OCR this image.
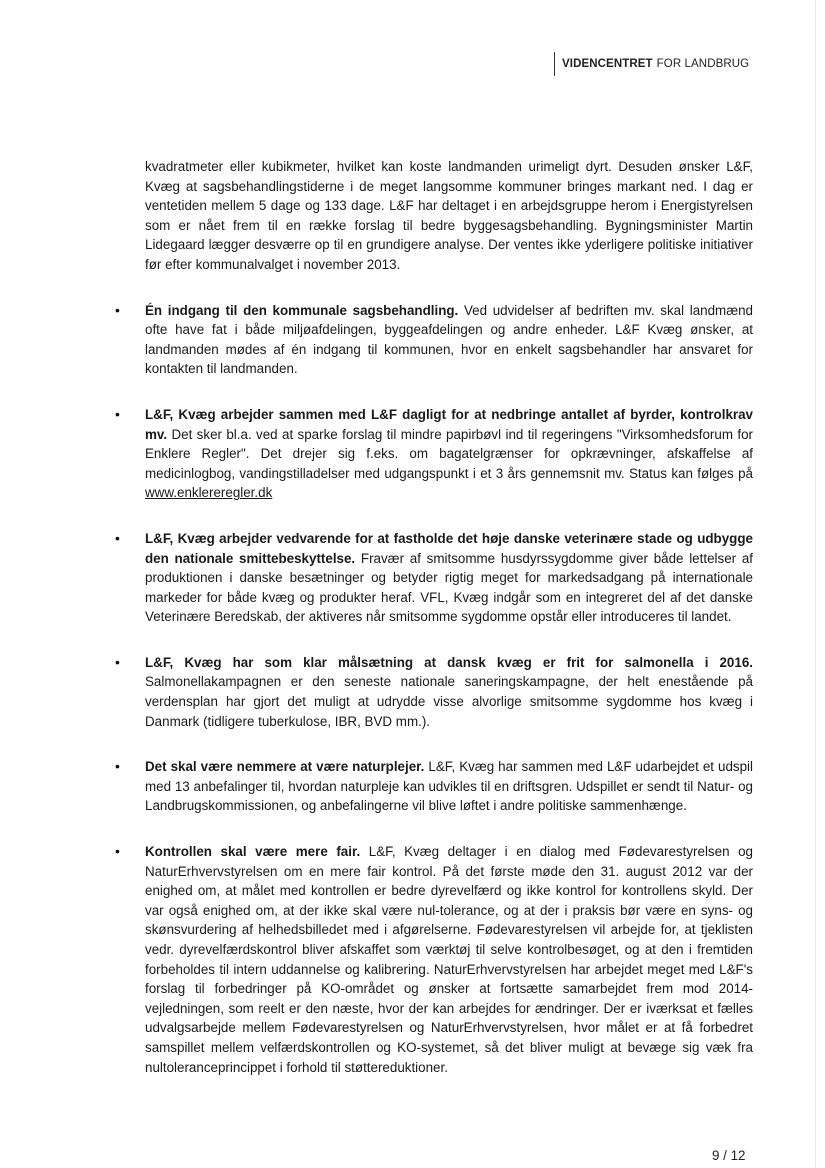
VIDENCENTRET FOR LANDBRUG

kvadratmeter eller kubikmeter, hvilket kan koste landmanden urimeligt dyrt. Desuden ønsker L&F, Kvæg at sagsbehandlingstiderne i de meget langsomme kommuner bringes markant ned. I dag er ventetiden mellem 5 dage og 133 dage. L&F har deltaget i en arbejdsgruppe herom i Energistyrelsen som er nået frem til en række forslag til bedre byggesagsbehandling. Bygningsminister Martin Lidegaard lægger desværre op til en grundigere analyse. Der ventes ikke yderligere politiske initiativer før efter kommunalvalget i november 2013.

•	Én indgang til den kommunale sagsbehandling. Ved udvidelser af bedriften mv. skal landmænd ofte have fat i både miljøafdelingen, byggeafdelingen og andre enheder. L&F Kvæg ønsker, at landmanden mødes af én indgang til kommunen, hvor en enkelt sagsbehandler har ansvaret for kontakten til landmanden.
•	L&F, Kvæg arbejder sammen med L&F dagligt for at nedbringe antallet af byrder, kontrolkrav mv. Det sker bl.a. ved at sparke forslag til mindre papirbøvl ind til regeringens "Virksomhedsforum for Enklere Regler". Det drejer sig f.eks. om bagatelgrænser for opkrævninger, afskaffelse af medicinlogbog, vandingstilladelser med udgangspunkt i et 3 års gennemsnit mv. Status kan følges på www.enklereregler.dk
•	L&F, Kvæg arbejder vedvarende for at fastholde det høje danske veterinære stade og udbygge den nationale smittebeskyttelse. Fravær af smitsomme husdyrssygdomme giver både lettelser af produktionen i danske besætninger og betyder rigtig meget for markedsadgang på internationale markeder for både kvæg og produkter heraf. VFL, Kvæg indgår som en integreret del af det danske Veterinære Beredskab, der aktiveres når smitsomme sygdomme opstår eller introduceres til landet.
•	L&F, Kvæg har som klar målsætning at dansk kvæg er frit for salmonella i 2016. Salmonellakampagnen er den seneste nationale saneringskampagne, der helt enestående på verdensplan har gjort det muligt at udrydde visse alvorlige smitsomme sygdomme hos kvæg i Danmark (tidligere tuberkulose, IBR, BVD mm.).
•	Det skal være nemmere at være naturplejer. L&F, Kvæg har sammen med L&F udarbejdet et udspil med 13 anbefalinger til, hvordan naturpleje kan udvikles til en driftsgren. Udspillet er sendt til Natur- og Landbrugskommissionen, og anbefalingerne vil blive løftet i andre politiske sammenhænge.
•	Kontrollen skal være mere fair. L&F, Kvæg deltager i en dialog med Fødevarestyrelsen og NaturErhvervstyrelsen om en mere fair kontrol. På det første møde den 31. august 2012 var der enighed om, at målet med kontrollen er bedre dyrevelfærd og ikke kontrol for kontrollens skyld. Der var også enighed om, at der ikke skal være nul-tolerance, og at der i praksis bør være en syns- og skønsvurdering af helhedsbilledet med i afgørelserne. Fødevarestyrelsen vil arbejde for, at tjeklisten vedr. dyrevelfærdskontrol bliver afskaffet som værktøj til selve kontrolbesøget, og at den i fremtiden forbeholdes til intern uddannelse og kalibrering. NaturErhvervstyrelsen har arbejdet meget med L&F's forslag til forbedringer på KO-området og ønsker at fortsætte samarbejdet frem mod 2014-vejledningen, som reelt er den næste, hvor der kan arbejdes for ændringer. Der er iværksat et fælles udvalgsarbejde mellem Fødevarestyrelsen og NaturErhvervstyrelsen, hvor målet er at få forbedret samspillet mellem velfærdskontrollen og KO-systemet, så det bliver muligt at bevæge sig væk fra nultoleranceprincippet i forhold til støttereduktioner.
9 / 12
